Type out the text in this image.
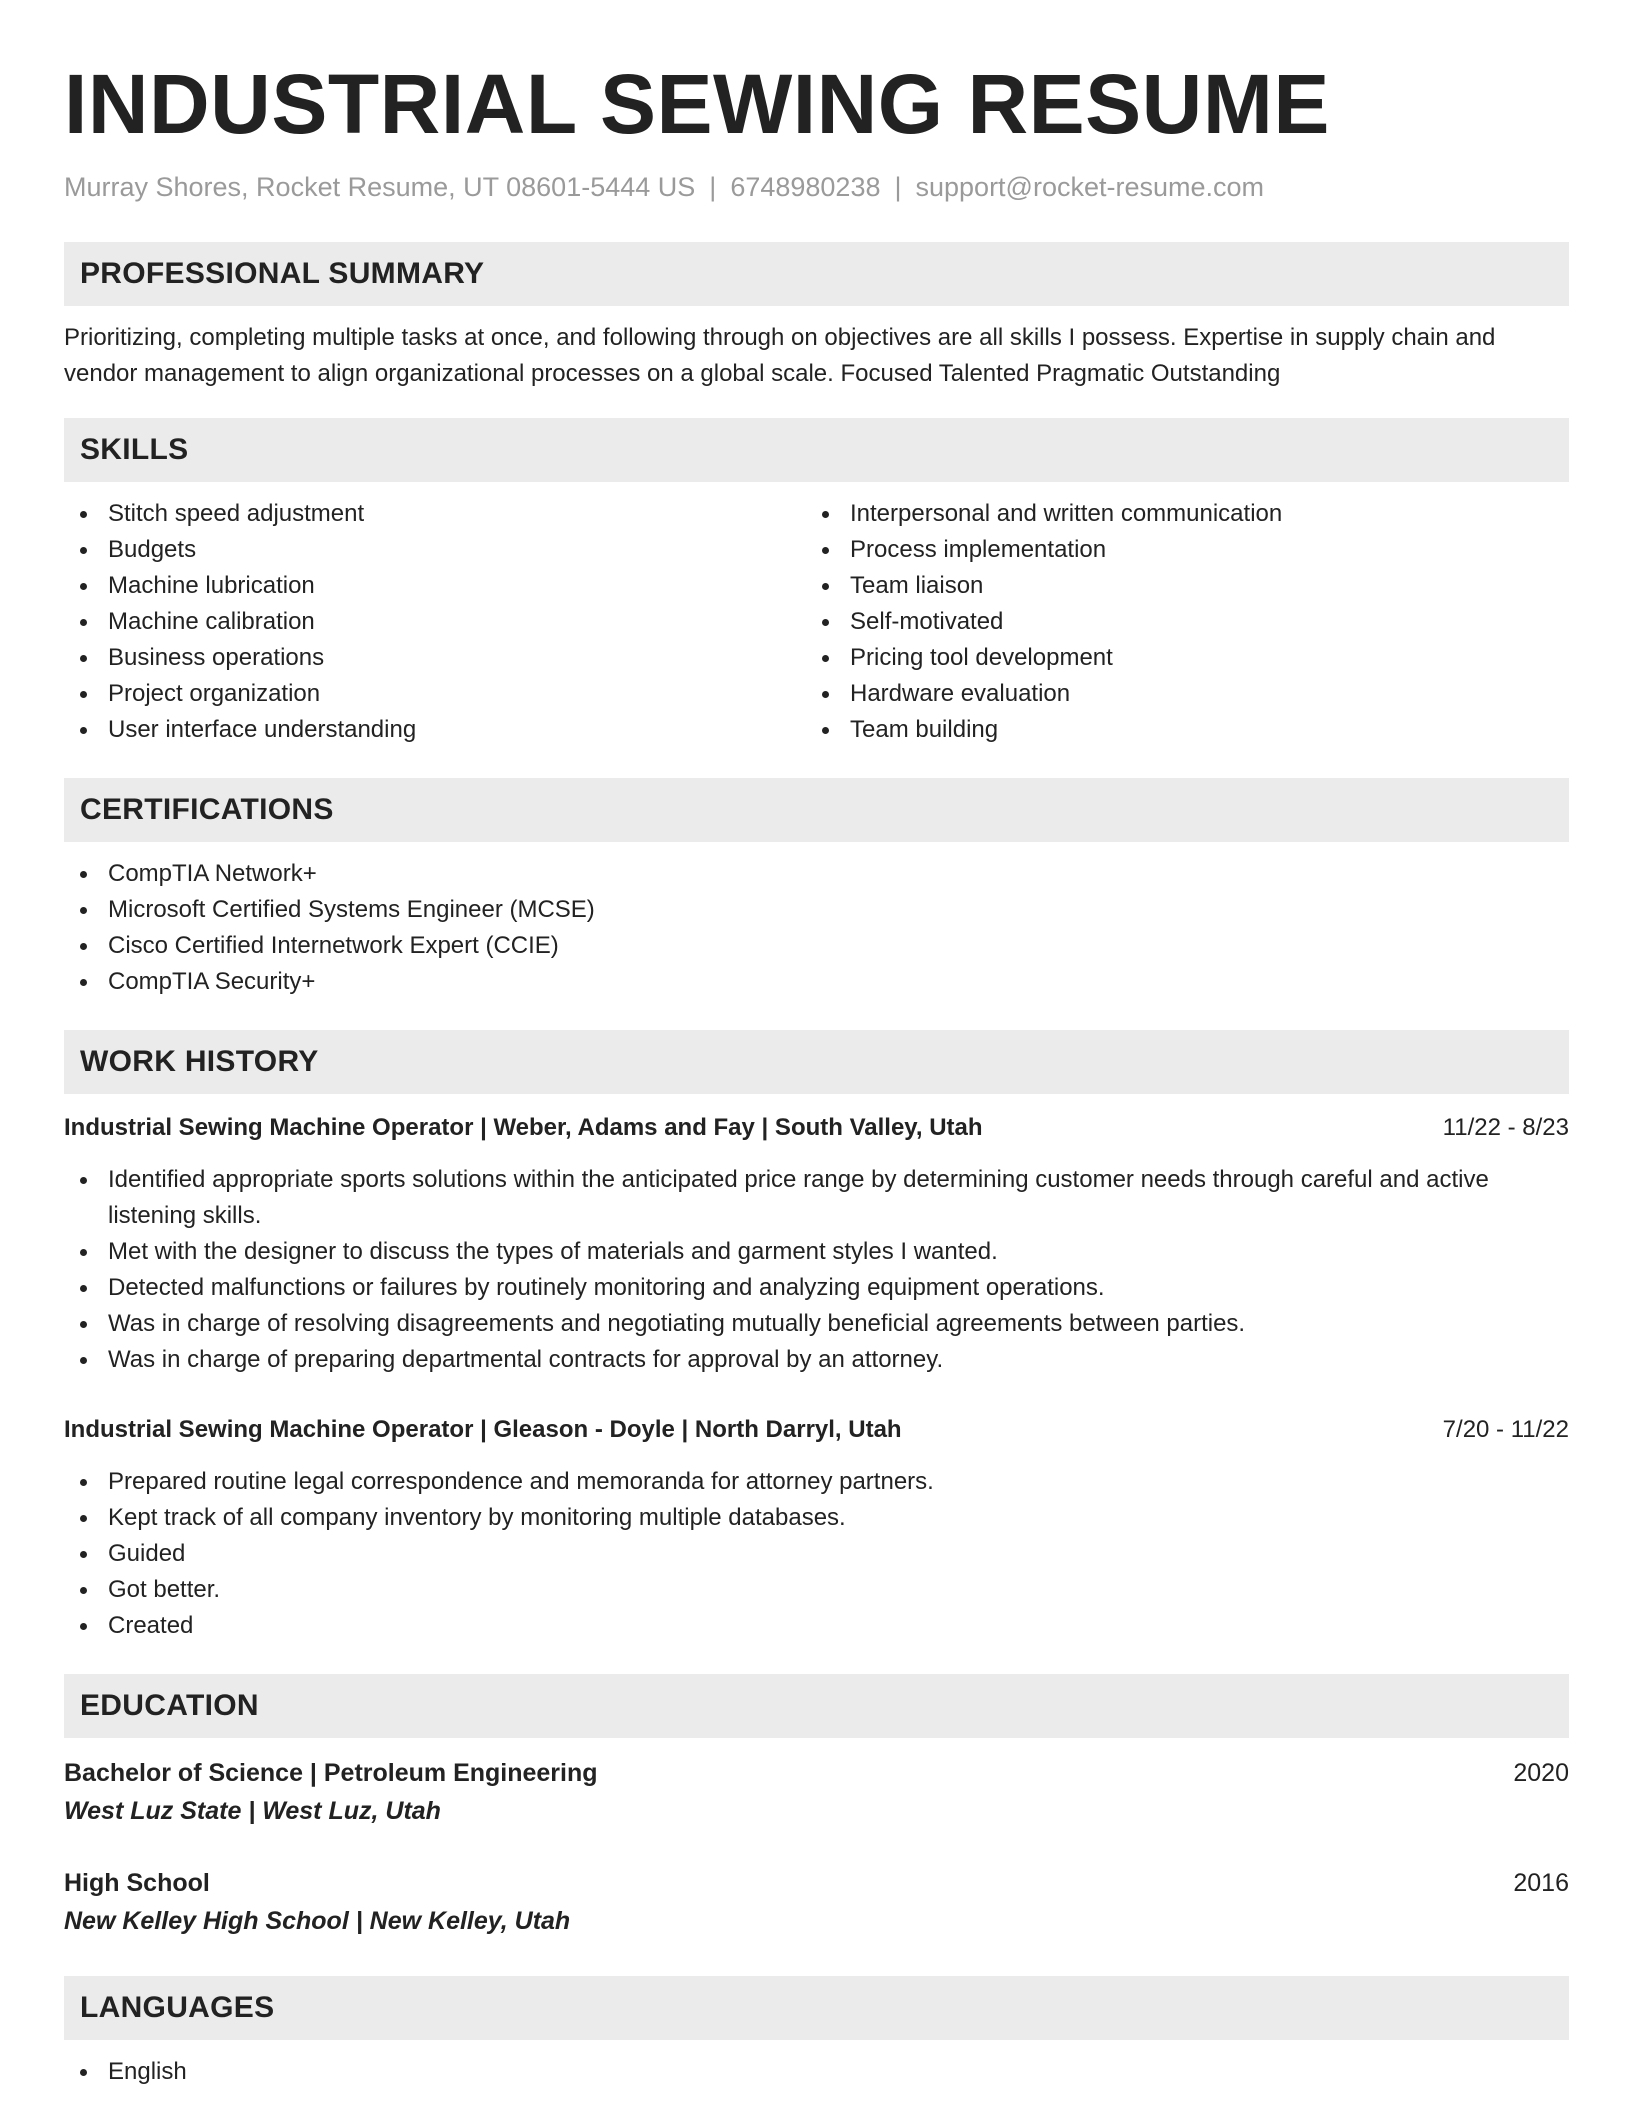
INDUSTRIAL SEWING RESUME
Murray Shores, Rocket Resume, UT 08601-5444 US | 6748980238 | support@rocket-resume.com
PROFESSIONAL SUMMARY
Prioritizing, completing multiple tasks at once, and following through on objectives are all skills I possess. Expertise in supply chain and vendor management to align organizational processes on a global scale. Focused Talented Pragmatic Outstanding
SKILLS
Stitch speed adjustment
Budgets
Machine lubrication
Machine calibration
Business operations
Project organization
User interface understanding
Interpersonal and written communication
Process implementation
Team liaison
Self-motivated
Pricing tool development
Hardware evaluation
Team building
CERTIFICATIONS
CompTIA Network+
Microsoft Certified Systems Engineer (MCSE)
Cisco Certified Internetwork Expert (CCIE)
CompTIA Security+
WORK HISTORY
Industrial Sewing Machine Operator | Weber, Adams and Fay | South Valley, Utah	11/22 - 8/23
Identified appropriate sports solutions within the anticipated price range by determining customer needs through careful and active listening skills.
Met with the designer to discuss the types of materials and garment styles I wanted.
Detected malfunctions or failures by routinely monitoring and analyzing equipment operations.
Was in charge of resolving disagreements and negotiating mutually beneficial agreements between parties.
Was in charge of preparing departmental contracts for approval by an attorney.
Industrial Sewing Machine Operator | Gleason - Doyle | North Darryl, Utah	7/20 - 11/22
Prepared routine legal correspondence and memoranda for attorney partners.
Kept track of all company inventory by monitoring multiple databases.
Guided
Got better.
Created
EDUCATION
Bachelor of Science | Petroleum Engineering	2020
West Luz State | West Luz, Utah
High School	2016
New Kelley High School | New Kelley, Utah
LANGUAGES
English
